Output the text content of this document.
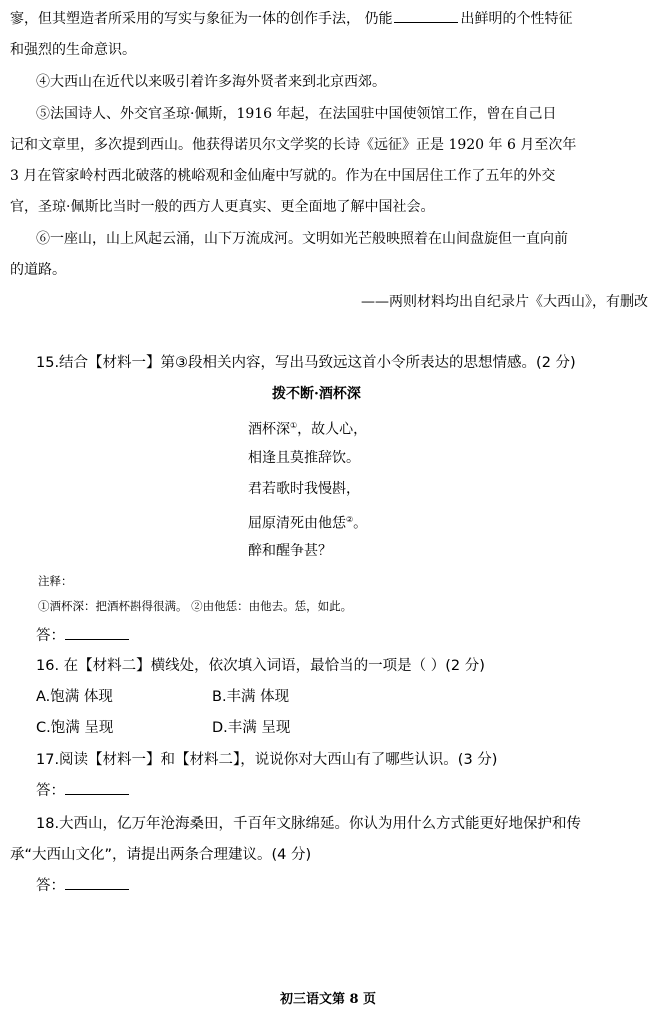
寥，但其塑造者所采用的写实与象征为一体的创作手法， 仍能	出鲜明的个性特征
和强烈的生命意识。
④大西山在近代以来吸引着许多海外贤者来到北京西郊。
⑤法国诗人、外交官圣琼·佩斯，1916 年起，在法国驻中国使领馆工作，曾在自己日
记和文章里，多次提到西山。他获得诺贝尔文学奖的长诗《远征》正是 1920 年 6 月至次年
3 月在管家岭村西北破落的桃峪观和金仙庵中写就的。作为在中国居住工作了五年的外交
官，圣琼·佩斯比当时一般的西方人更真实、更全面地了解中国社会。
⑥一座山，山上风起云涌，山下万流成河。文明如光芒般映照着在山间盘旋但一直向前
的道路。
——两则材料均出自纪录片《大西山》，有删改
15.结合【材料一】第③段相关内容，写出马致远这首小令所表达的思想情感。(2 分)
拨不断·酒杯深
酒杯深①，故人心，
相逢且莫推辞饮。
君若歌时我慢斟，
屈原清死由他恁②。
醉和醒争甚？
注释：
①酒杯深：把酒杯斟得很满。 ②由他恁：由他去。恁，如此。
答：
16. 在【材料二】横线处，依次填入词语，最恰当的一项是（ ）(2 分)
A.饱满 体现	B.丰满 体现
C.饱满 呈现	D.丰满 呈现
17.阅读【材料一】和【材料二】，说说你对大西山有了哪些认识。(3 分)
答：
18.大西山，亿万年沧海桑田，千百年文脉绵延。你认为用什么方式能更好地保护和传
承“大西山文化”，请提出两条合理建议。(4 分)
答：
初三语文第 8 页
